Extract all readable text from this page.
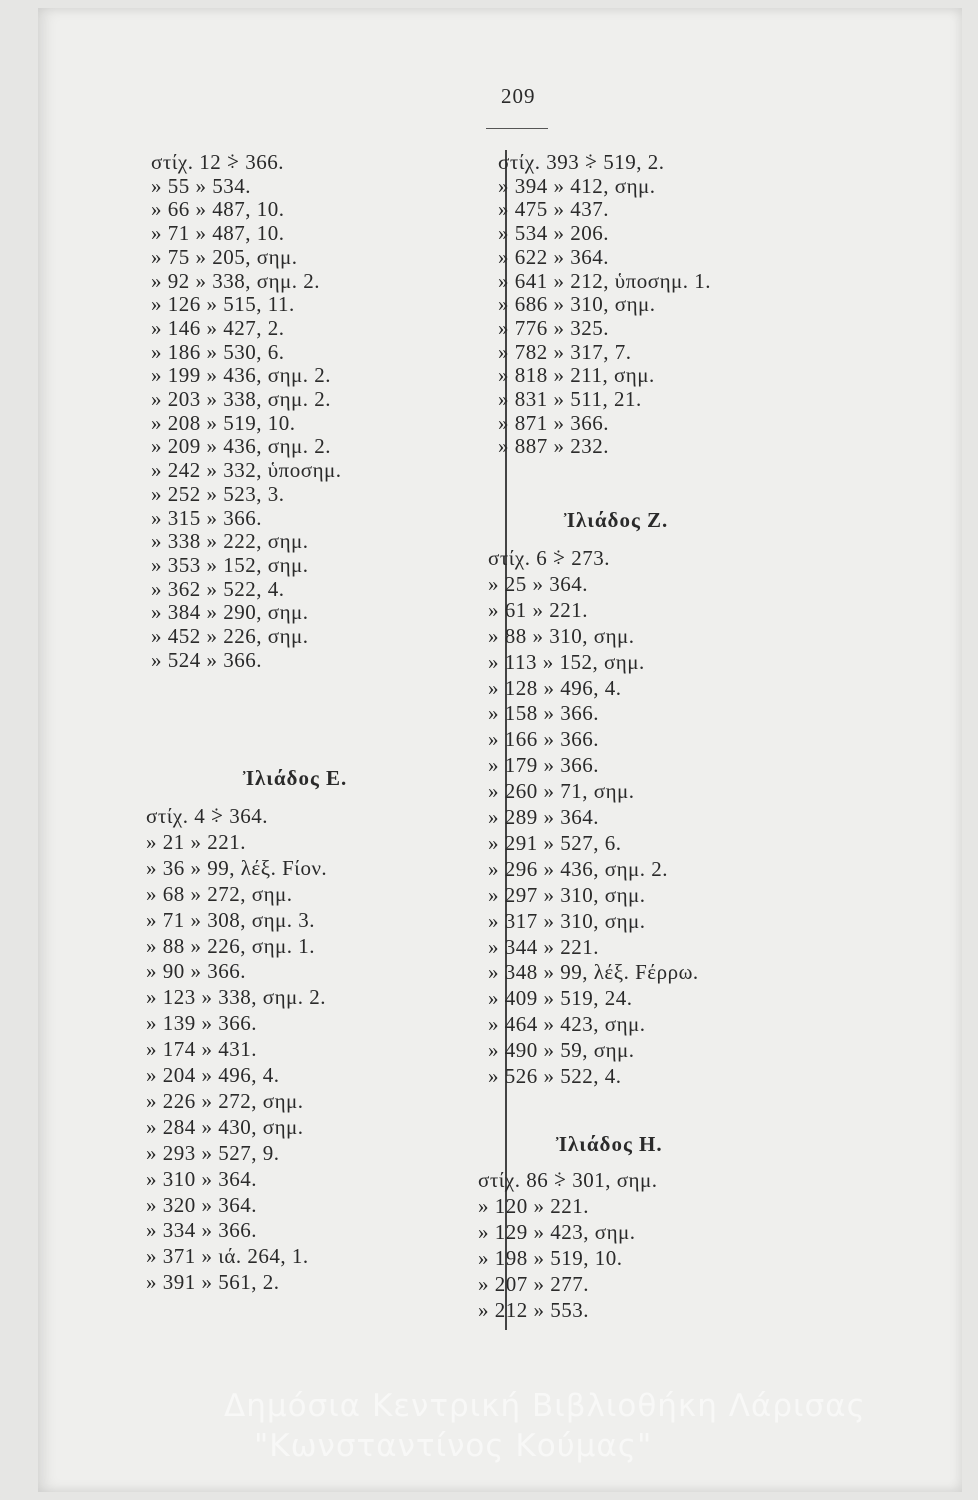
209
στίχ. 12 ⸖ 366.
» 55 » 534.
» 66 » 487, 10.
» 71 » 487, 10.
» 75 » 205, σημ.
» 92 » 338, σημ. 2.
» 126 » 515, 11.
» 146 » 427, 2.
» 186 » 530, 6.
» 199 » 436, σημ. 2.
» 203 » 338, σημ. 2.
» 208 » 519, 10.
» 209 » 436, σημ. 2.
» 242 » 332, ὑποσημ.
» 252 » 523, 3.
» 315 » 366.
» 338 » 222, σημ.
» 353 » 152, σημ.
» 362 » 522, 4.
» 384 » 290, σημ.
» 452 » 226, σημ.
» 524 » 366.
Ἰλιάδος Ε.
στίχ. 4 ⸖ 364.
» 21 » 221.
» 36 » 99, λέξ. Fίον.
» 68 » 272, σημ.
» 71 » 308, σημ. 3.
» 88 » 226, σημ. 1.
» 90 » 366.
» 123 » 338, σημ. 2.
» 139 » 366.
» 174 » 431.
» 204 » 496, 4.
» 226 » 272, σημ.
» 284 » 430, σημ.
» 293 » 527, 9.
» 310 » 364.
» 320 » 364.
» 334 » 366.
» 371 » ιά. 264, 1.
» 391 » 561, 2.
στίχ. 393 ⸖ 519, 2.
» 394 » 412, σημ.
» 475 » 437.
» 534 » 206.
» 622 » 364.
» 641 » 212, ὑποσημ. 1.
» 686 » 310, σημ.
» 776 » 325.
» 782 » 317, 7.
» 818 » 211, σημ.
» 831 » 511, 21.
» 871 » 366.
» 887 » 232.
Ἰλιάδος Ζ.
στίχ. 6 ⸖ 273.
» 25 » 364.
» 61 » 221.
» 88 » 310, σημ.
» 113 » 152, σημ.
» 128 » 496, 4.
» 158 » 366.
» 166 » 366.
» 179 » 366.
» 260 » 71, σημ.
» 289 » 364.
» 291 » 527, 6.
» 296 » 436, σημ. 2.
» 297 » 310, σημ.
» 317 » 310, σημ.
» 344 » 221.
» 348 » 99, λέξ. Fέρρω.
» 409 » 519, 24.
» 464 » 423, σημ.
» 490 » 59, σημ.
» 526 » 522, 4.
Ἰλιάδος Η.
στίχ. 86 ⸖ 301, σημ.
» 120 » 221.
» 129 » 423, σημ.
» 198 » 519, 10.
» 207 » 277.
» 212 » 553.
Δημόσια Κεντρική Βιβλιοθήκη Λάρισας
"Κωνσταντίνος Κούμας"
